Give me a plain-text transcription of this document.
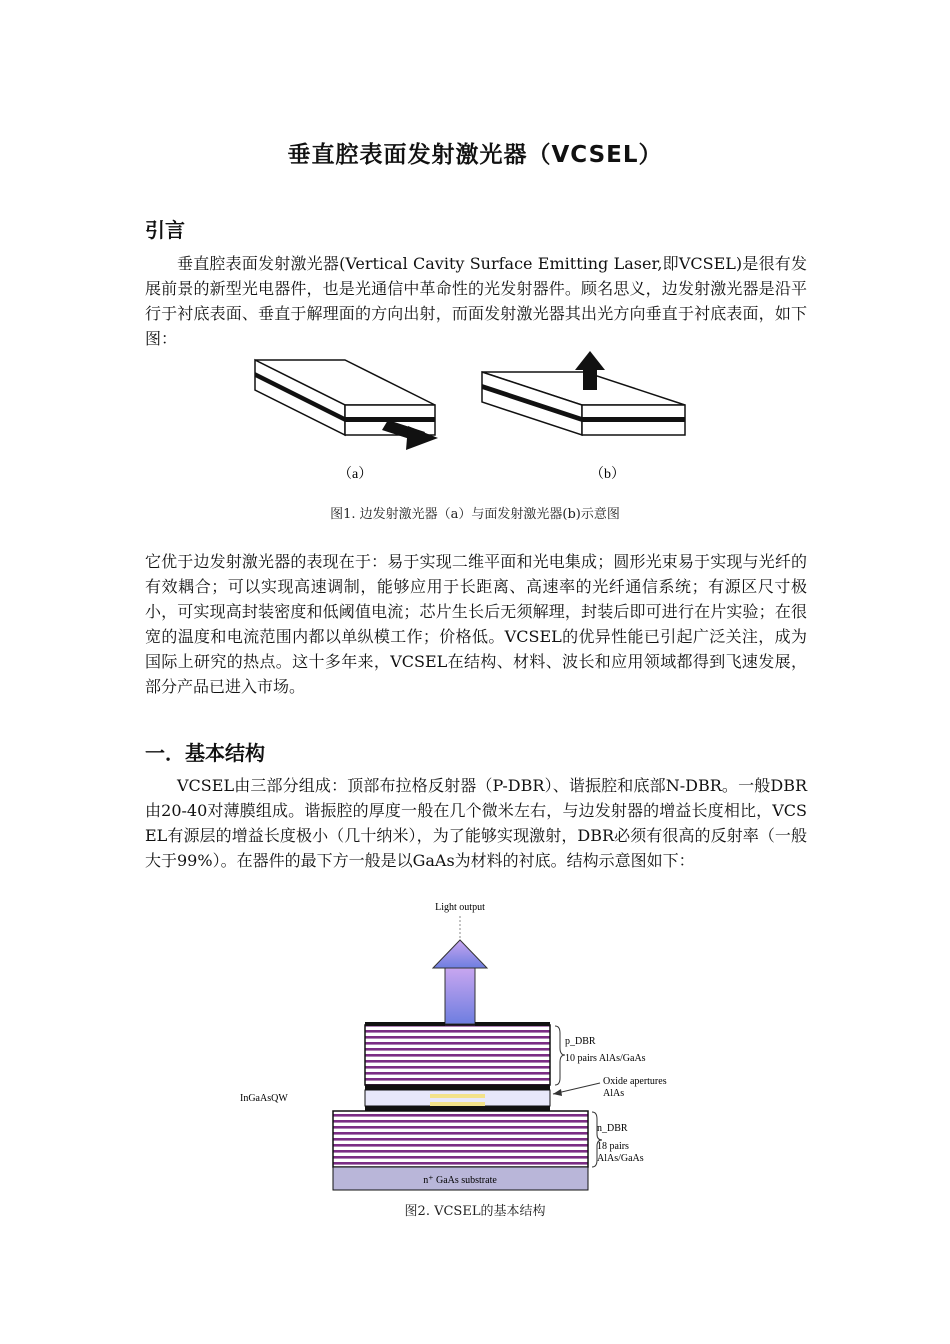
垂直腔表面发射激光器（VCSEL）
引言

垂直腔表面发射激光器(Vertical Cavity Surface Emitting Laser,即VCSEL)是很有发展前景的新型光电器件，也是光通信中革命性的光发射器件。顾名思义，边发射激光器是沿平行于衬底表面、垂直于解理面的方向出射，而面发射激光器其出光方向垂直于衬底表面，如下图：

（a）	（b）
图1. 边发射激光器（a）与面发射激光器(b)示意图

它优于边发射激光器的表现在于：易于实现二维平面和光电集成；圆形光束易于实现与光纤的有效耦合；可以实现高速调制，能够应用于长距离、高速率的光纤通信系统；有源区尺寸极小，可实现高封装密度和低阈值电流；芯片生长后无须解理，封装后即可进行在片实验；在很宽的温度和电流范围内都以单纵模工作；价格低。VCSEL的优异性能已引起广泛关注，成为国际上研究的热点。这十多年来，VCSEL在结构、材料、波长和应用领域都得到飞速发展，部分产品已进入市场。

一．基本结构

VCSEL由三部分组成：顶部布拉格反射器（P-DBR）、谐振腔和底部N-DBR。一般DBR由20-40对薄膜组成。谐振腔的厚度一般在几个微米左右，与边发射器的增益长度相比，VCSEL有源层的增益长度极小（几十纳米），为了能够实现激射，DBR必须有很高的反射率（一般大于99%）。在器件的最下方一般是以GaAs为材料的衬底。结构示意图如下：

Light output
n⁺ GaAs substrate
p_DBR
10 pairs AlAs/GaAs
Oxide apertures
AlAs
InGaAsQW
n_DBR
18 pairs
AlAs/GaAs
图2. VCSEL的基本结构
